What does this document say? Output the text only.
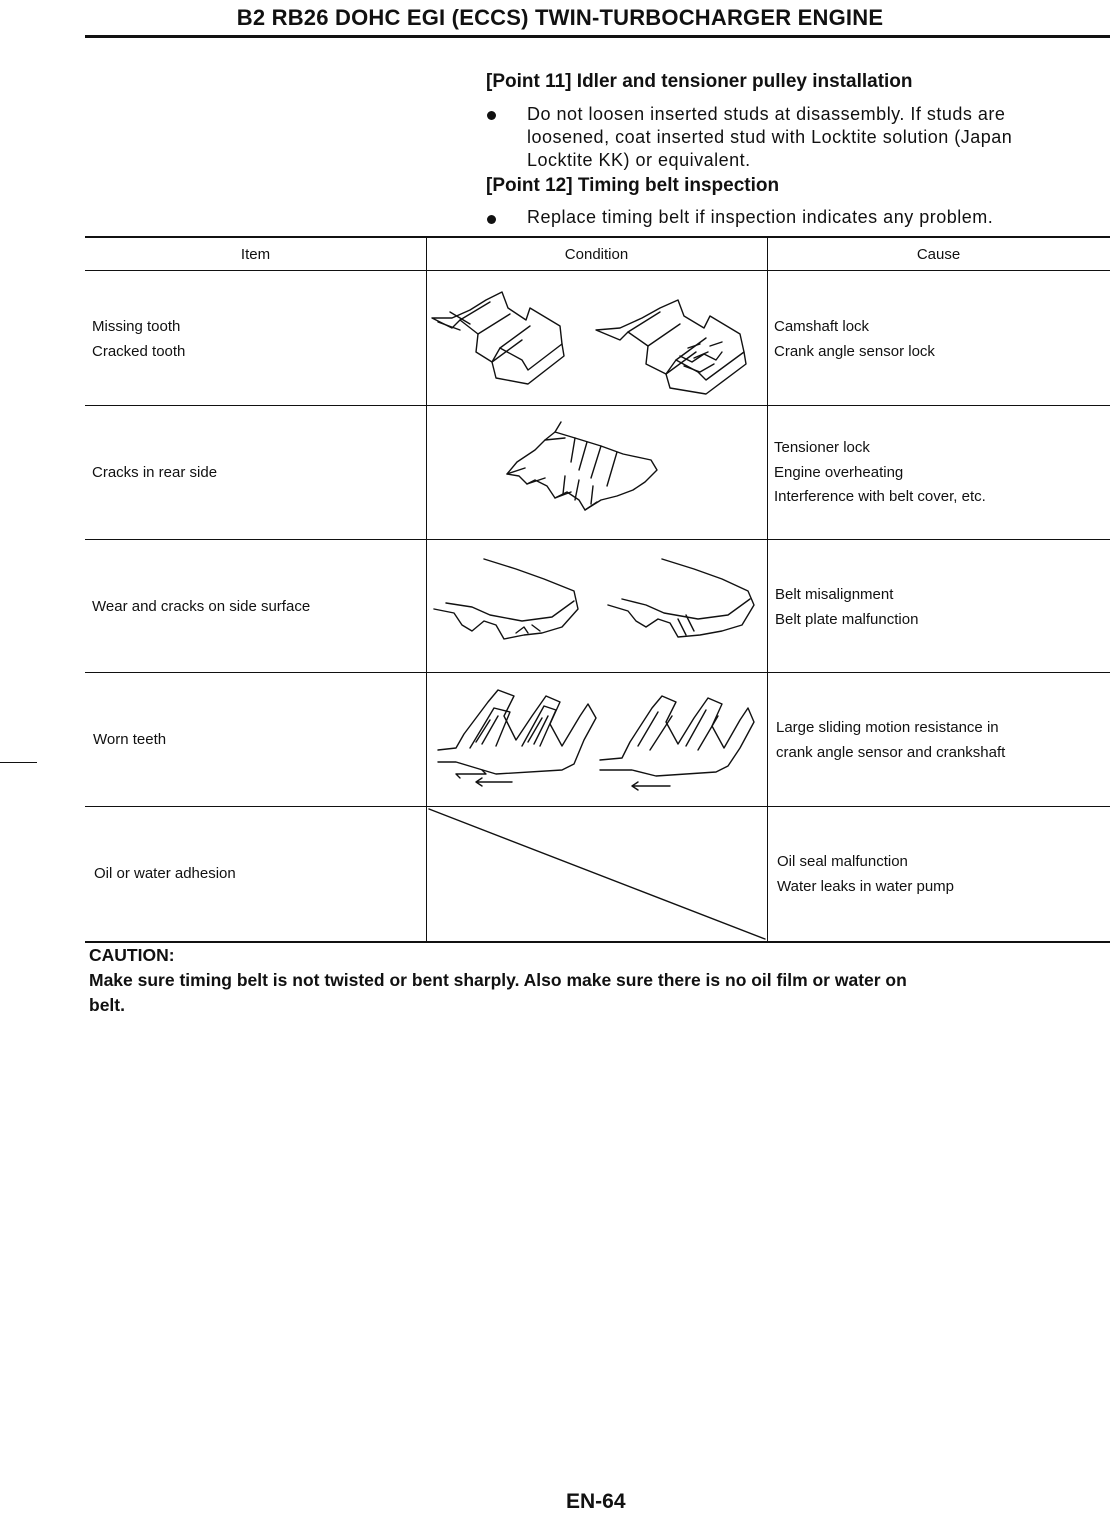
B2 RB26 DOHC EGI (ECCS) TWIN-TURBOCHARGER ENGINE
[Point 11] Idler and tensioner pulley installation
Do not loosen inserted studs at disassembly. If studs are
loosened, coat inserted stud with Locktite solution (Japan
Locktite KK) or equivalent.
[Point 12] Timing belt inspection
Replace timing belt if inspection indicates any problem.
Item	Condition	Cause
Missing tooth
Cracked tooth
Camshaft lock
Crank angle sensor lock
Cracks in rear side
Tensioner lock
Engine overheating
Interference with belt cover, etc.
Wear and cracks on side surface
Belt misalignment
Belt plate malfunction
Worn teeth
Large sliding motion resistance in
crank angle sensor and crankshaft
Oil or water adhesion
Oil seal malfunction
Water leaks in water pump
CAUTION:
Make sure timing belt is not twisted or bent sharply. Also make sure there is no oil film or water on
belt.
EN-64
